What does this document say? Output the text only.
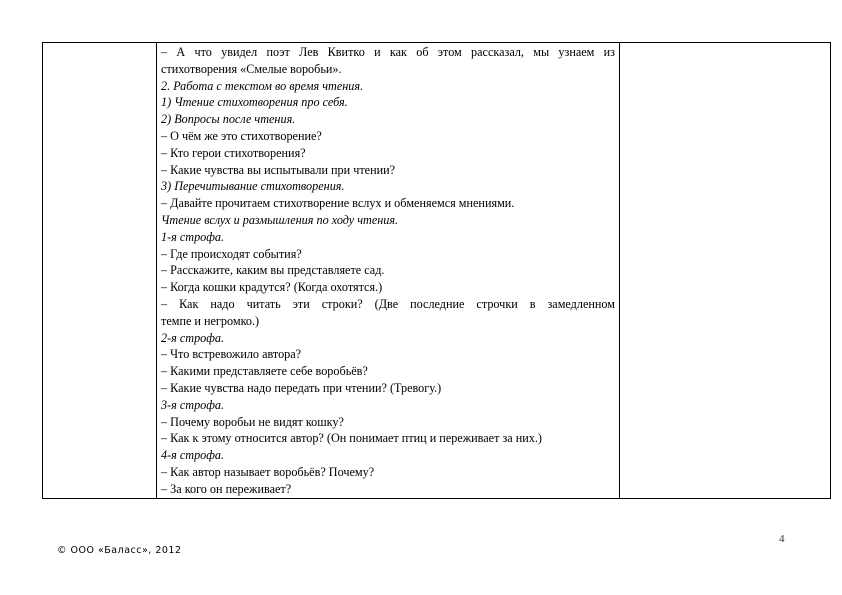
– А что увидел поэт Лев Квитко и как об этом рассказал, мы узнаем из
стихотворения «Смелые воробьи».
2. Работа с текстом во время чтения.
1) Чтение стихотворения про себя.
2) Вопросы после чтения.
– О чём же это стихотворение?
– Кто герои стихотворения?
– Какие чувства вы испытывали при чтении?
3) Перечитывание стихотворения.
– Давайте прочитаем стихотворение вслух и обменяемся мнениями.
Чтение вслух и размышления по ходу чтения.
1-я строфа.
– Где происходят события?
– Расскажите, каким вы представляете сад.
– Когда кошки крадутся? (Когда охотятся.)
– Как надо читать эти строки? (Две последние строчки в замедленном
темпе и негромко.)
2-я строфа.
– Что встревожило автора?
– Какими представляете себе воробьёв?
– Какие чувства надо передать при чтении? (Тревогу.)
3-я строфа.
– Почему воробьи не видят кошку?
– Как к этому относится автор? (Он понимает птиц и переживает за них.)
4-я строфа.
– Как автор называет воробьёв? Почему?
– За кого он переживает?
4
© ООО «Баласс», 2012
